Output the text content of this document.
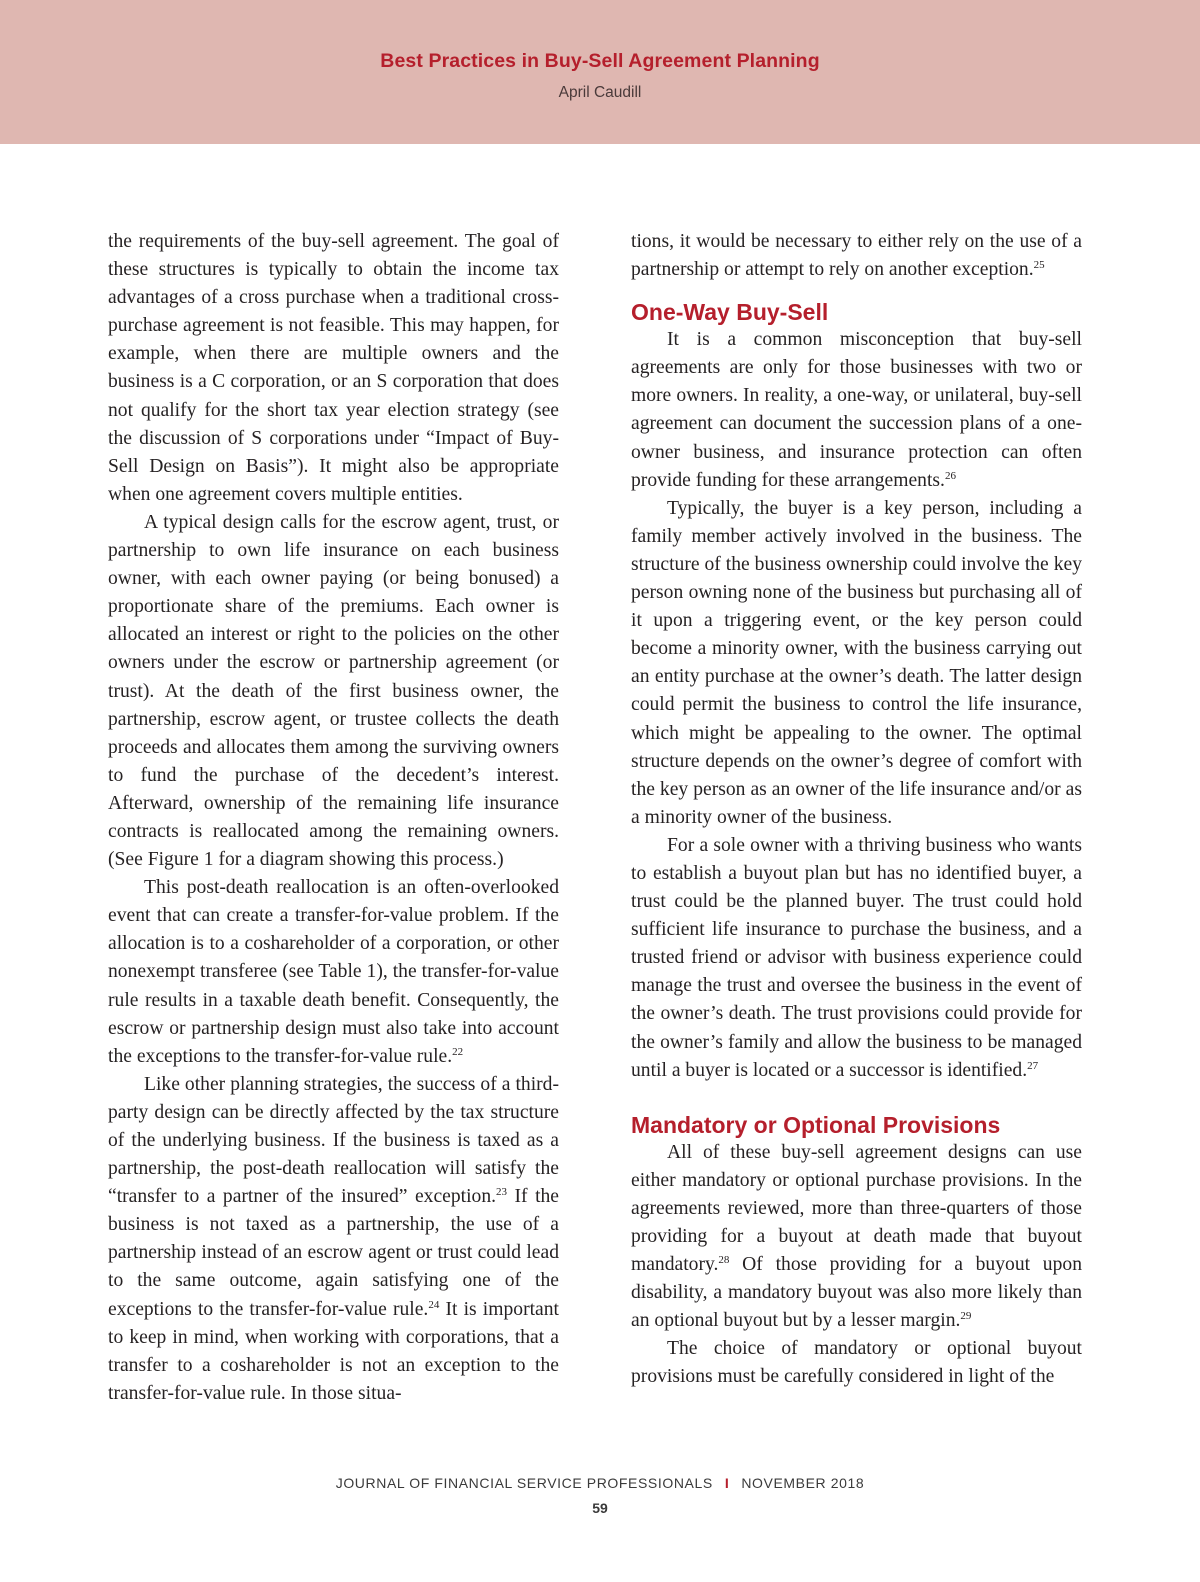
Best Practices in Buy-Sell Agreement Planning
April Caudill

the requirements of the buy-sell agreement. The goal of these structures is typically to obtain the income tax advantages of a cross purchase when a traditional cross-purchase agreement is not feasible. This may happen, for example, when there are multiple owners and the business is a C corporation, or an S corporation that does not qualify for the short tax year election strategy (see the discussion of S corporations under “Impact of Buy-Sell Design on Basis”). It might also be appropriate when one agreement covers multiple entities.

A typical design calls for the escrow agent, trust, or partnership to own life insurance on each business owner, with each owner paying (or being bonused) a proportionate share of the premiums. Each owner is allocated an interest or right to the policies on the other owners under the escrow or partnership agreement (or trust). At the death of the first business owner, the partnership, escrow agent, or trustee collects the death proceeds and allocates them among the surviving owners to fund the purchase of the decedent’s interest. Afterward, ownership of the remaining life insurance contracts is reallocated among the remaining owners. (See Figure 1 for a diagram showing this process.)

This post-death reallocation is an often-overlooked event that can create a transfer-for-value problem. If the allocation is to a coshareholder of a corporation, or other nonexempt transferee (see Table 1), the transfer-for-value rule results in a taxable death benefit. Consequently, the escrow or partnership design must also take into account the exceptions to the transfer-for-value rule.$^{22}$

Like other planning strategies, the success of a third-party design can be directly affected by the tax structure of the underlying business. If the business is taxed as a partnership, the post-death reallocation will satisfy the “transfer to a partner of the insured” exception.$^{23}$ If the business is not taxed as a partnership, the use of a partnership instead of an escrow agent or trust could lead to the same outcome, again satisfying one of the exceptions to the transfer-for-value rule.$^{24}$ It is important to keep in mind, when working with corporations, that a transfer to a coshareholder is not an exception to the transfer-for-value rule. In those situa-

tions, it would be necessary to either rely on the use of a partnership or attempt to rely on another exception.$^{25}$

One-Way Buy-Sell

It is a common misconception that buy-sell agreements are only for those businesses with two or more owners. In reality, a one-way, or unilateral, buy-sell agreement can document the succession plans of a one-owner business, and insurance protection can often provide funding for these arrangements.$^{26}$

Typically, the buyer is a key person, including a family member actively involved in the business. The structure of the business ownership could involve the key person owning none of the business but purchasing all of it upon a triggering event, or the key person could become a minority owner, with the business carrying out an entity purchase at the owner’s death. The latter design could permit the business to control the life insurance, which might be appealing to the owner. The optimal structure depends on the owner’s degree of comfort with the key person as an owner of the life insurance and/or as a minority owner of the business.

For a sole owner with a thriving business who wants to establish a buyout plan but has no identified buyer, a trust could be the planned buyer. The trust could hold sufficient life insurance to purchase the business, and a trusted friend or advisor with business experience could manage the trust and oversee the business in the event of the owner’s death. The trust provisions could provide for the owner’s family and allow the business to be managed until a buyer is located or a successor is identified.$^{27}$

Mandatory or Optional Provisions

All of these buy-sell agreement designs can use either mandatory or optional purchase provisions. In the agreements reviewed, more than three-quarters of those providing for a buyout at death made that buyout mandatory.$^{28}$ Of those providing for a buyout upon disability, a mandatory buyout was also more likely than an optional buyout but by a lesser margin.$^{29}$

The choice of mandatory or optional buyout provisions must be carefully considered in light of the

JOURNAL OF FINANCIAL SERVICE PROFESSIONALS I NOVEMBER 2018
59
